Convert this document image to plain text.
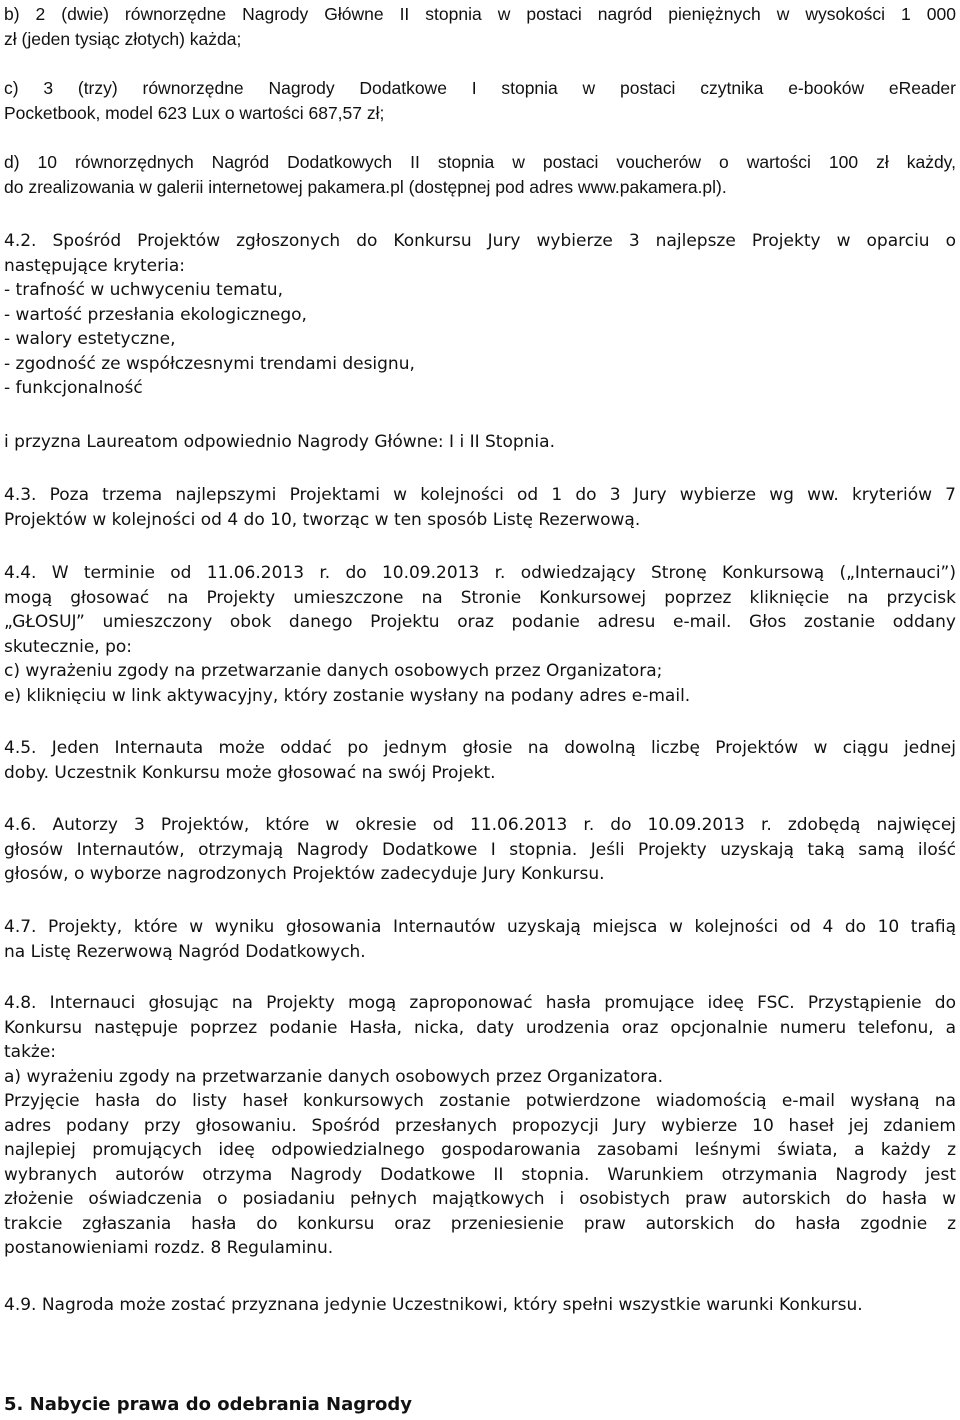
b) 2 (dwie) równorzędne Nagrody Główne II stopnia w postaci nagród pieniężnych w wysokości 1 000
zł (jeden tysiąc złotych) każda;
c) 3 (trzy) równorzędne Nagrody Dodatkowe I stopnia w postaci czytnika e-booków eReader
Pocketbook, model 623 Lux o wartości 687,57 zł;
d) 10 równorzędnych Nagród Dodatkowych II stopnia w postaci voucherów o wartości 100 zł każdy,
do zrealizowania w galerii internetowej pakamera.pl (dostępnej pod adres www.pakamera.pl).
4.2. Spośród Projektów zgłoszonych do Konkursu Jury wybierze 3 najlepsze Projekty w oparciu o
następujące kryteria:
- trafność w uchwyceniu tematu,
- wartość przesłania ekologicznego,
- walory estetyczne,
- zgodność ze współczesnymi trendami designu,
- funkcjonalność
i przyzna Laureatom odpowiednio Nagrody Główne: I i II Stopnia.
4.3. Poza trzema najlepszymi Projektami w kolejności od 1 do 3 Jury wybierze wg ww. kryteriów 7
Projektów w kolejności od 4 do 10, tworząc w ten sposób Listę Rezerwową.
4.4. W terminie od 11.06.2013 r. do 10.09.2013 r. odwiedzający Stronę Konkursową („Internauci”)
mogą głosować na Projekty umieszczone na Stronie Konkursowej poprzez kliknięcie na przycisk
„GŁOSUJ” umieszczony obok danego Projektu oraz podanie adresu e-mail. Głos zostanie oddany
skutecznie, po:
c) wyrażeniu zgody na przetwarzanie danych osobowych przez Organizatora;
e) kliknięciu w link aktywacyjny, który zostanie wysłany na podany adres e-mail.
4.5. Jeden Internauta może oddać po jednym głosie na dowolną liczbę Projektów w ciągu jednej
doby. Uczestnik Konkursu może głosować na swój Projekt.
4.6. Autorzy 3 Projektów, które w okresie od 11.06.2013 r. do 10.09.2013 r. zdobędą najwięcej
głosów Internautów, otrzymają Nagrody Dodatkowe I stopnia. Jeśli Projekty uzyskają taką samą ilość
głosów, o wyborze nagrodzonych Projektów zadecyduje Jury Konkursu.
4.7. Projekty, które w wyniku głosowania Internautów uzyskają miejsca w kolejności od 4 do 10 trafią
na Listę Rezerwową Nagród Dodatkowych.
4.8. Internauci głosując na Projekty mogą zaproponować hasła promujące ideę FSC. Przystąpienie do
Konkursu następuje poprzez podanie Hasła, nicka, daty urodzenia oraz opcjonalnie numeru telefonu, a
także:
a) wyrażeniu zgody na przetwarzanie danych osobowych przez Organizatora.
Przyjęcie hasła do listy haseł konkursowych zostanie potwierdzone wiadomością e-mail wysłaną na
adres podany przy głosowaniu. Spośród przesłanych propozycji Jury wybierze 10 haseł jej zdaniem
najlepiej promujących ideę odpowiedzialnego gospodarowania zasobami leśnymi świata, a każdy z
wybranych autorów otrzyma Nagrody Dodatkowe II stopnia. Warunkiem otrzymania Nagrody jest
złożenie oświadczenia o posiadaniu pełnych majątkowych i osobistych praw autorskich do hasła w
trakcie zgłaszania hasła do konkursu oraz przeniesienie praw autorskich do hasła zgodnie z
postanowieniami rozdz. 8 Regulaminu.
4.9. Nagroda może zostać przyznana jedynie Uczestnikowi, który spełni wszystkie warunki Konkursu.
5. Nabycie prawa do odebrania Nagrody
